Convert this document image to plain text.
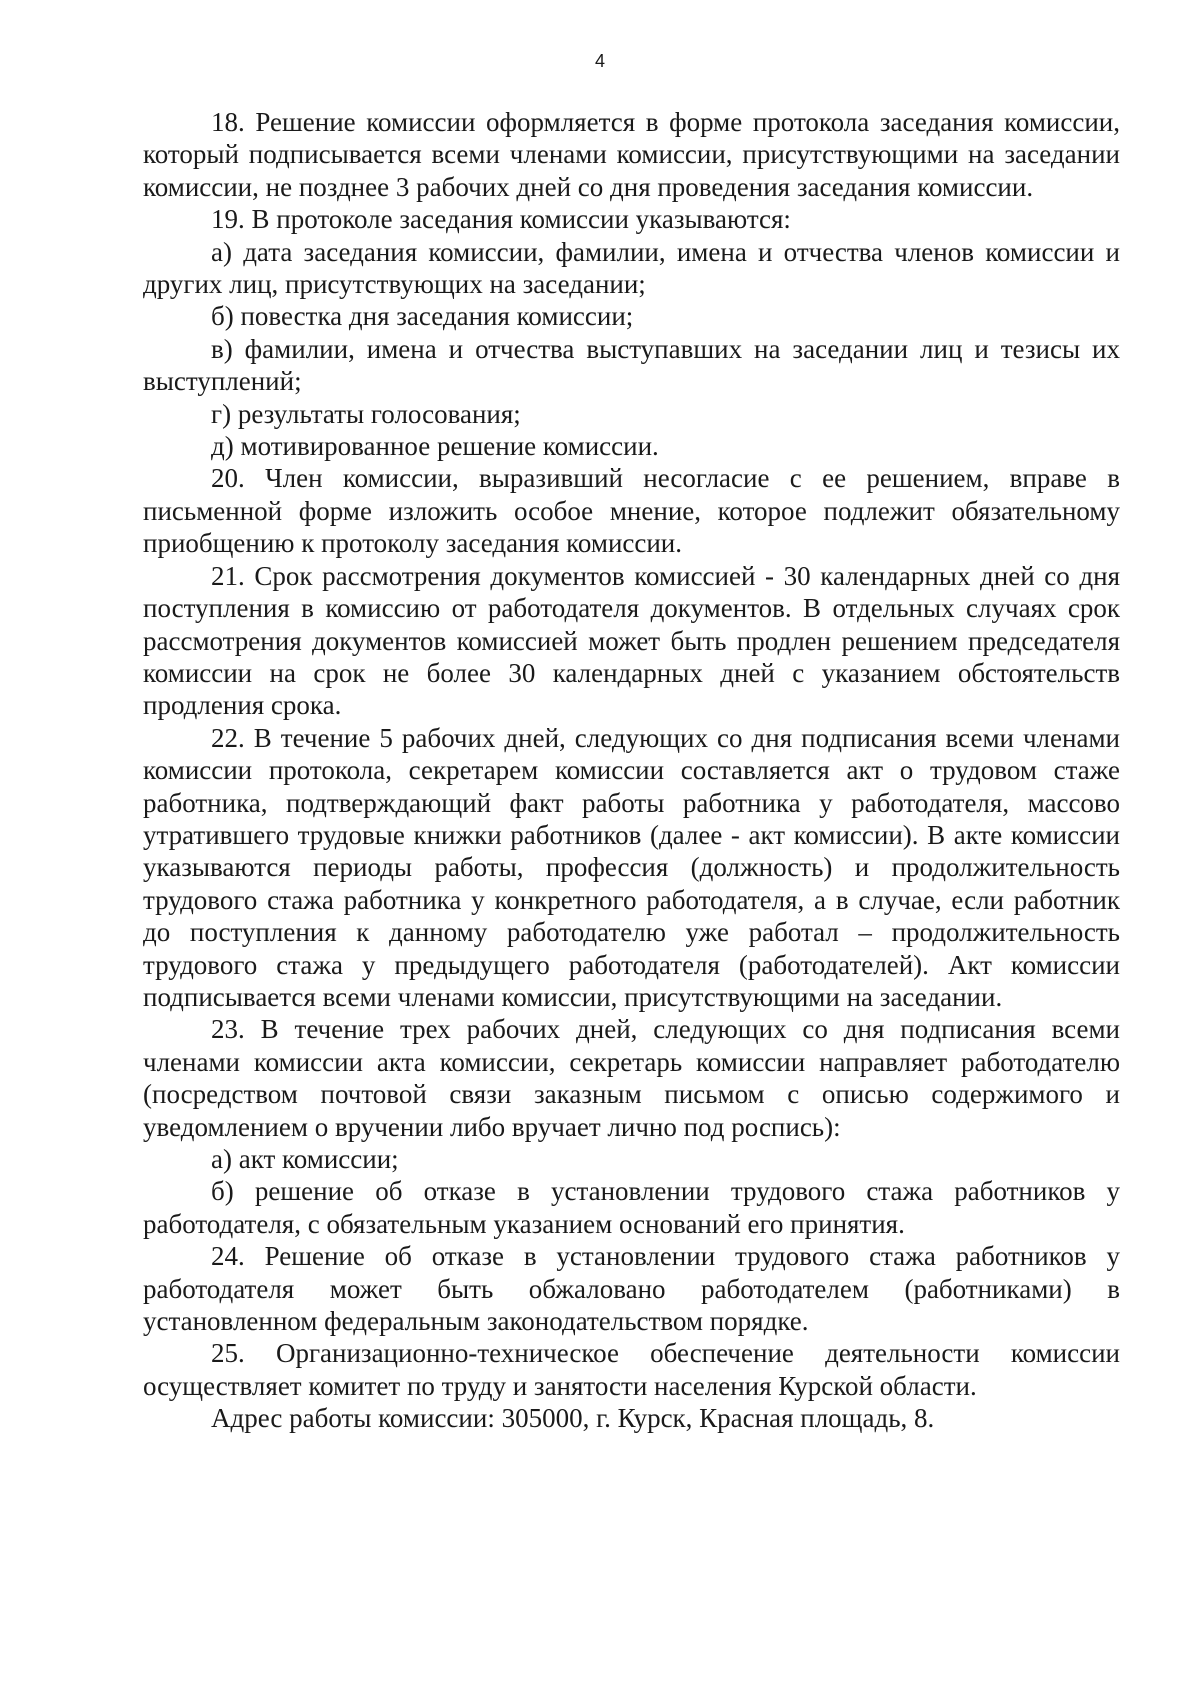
4

18. Решение комиссии оформляется в форме протокола заседания комиссии, который подписывается всеми членами комиссии, присутствующими на заседании комиссии, не позднее 3 рабочих дней со дня проведения заседания комиссии.

19. В протоколе заседания комиссии указываются:

а) дата заседания комиссии, фамилии, имена и отчества членов комиссии и других лиц, присутствующих на заседании;

б) повестка дня заседания комиссии;

в) фамилии, имена и отчества выступавших на заседании лиц и тезисы их выступлений;

г) результаты голосования;

д) мотивированное решение комиссии.

20. Член комиссии, выразивший несогласие с ее решением, вправе в письменной форме изложить особое мнение, которое подлежит обязательному приобщению к протоколу заседания комиссии.

21. Срок рассмотрения документов комиссией - 30 календарных дней со дня поступления в комиссию от работодателя документов. В отдельных случаях срок рассмотрения документов комиссией может быть продлен решением председателя комиссии на срок не более 30 календарных дней с указанием обстоятельств продления срока.

22. В течение 5 рабочих дней, следующих со дня подписания всеми членами комиссии протокола, секретарем комиссии составляется акт о трудовом стаже работника, подтверждающий факт работы работника у работодателя, массово утратившего трудовые книжки работников (далее - акт комиссии). В акте комиссии указываются периоды работы, профессия (должность) и продолжительность трудового стажа работника у конкретного работодателя, а в случае, если работник до поступления к данному работодателю уже работал – продолжительность трудового стажа у предыдущего работодателя (работодателей). Акт комиссии подписывается всеми членами комиссии, присутствующими на заседании.

23. В течение трех рабочих дней, следующих со дня подписания всеми членами комиссии акта комиссии, секретарь комиссии направляет работодателю (посредством почтовой связи заказным письмом с описью содержимого и уведомлением о вручении либо вручает лично под роспись):

а) акт комиссии;

б) решение об отказе в установлении трудового стажа работников у работодателя, с обязательным указанием оснований его принятия.

24. Решение об отказе в установлении трудового стажа работников у работодателя может быть обжаловано работодателем (работниками) в установленном федеральным законодательством порядке.

25. Организационно-техническое обеспечение деятельности комиссии осуществляет комитет по труду и занятости населения Курской области.

Адрес работы комиссии: 305000, г. Курск, Красная площадь, 8.
